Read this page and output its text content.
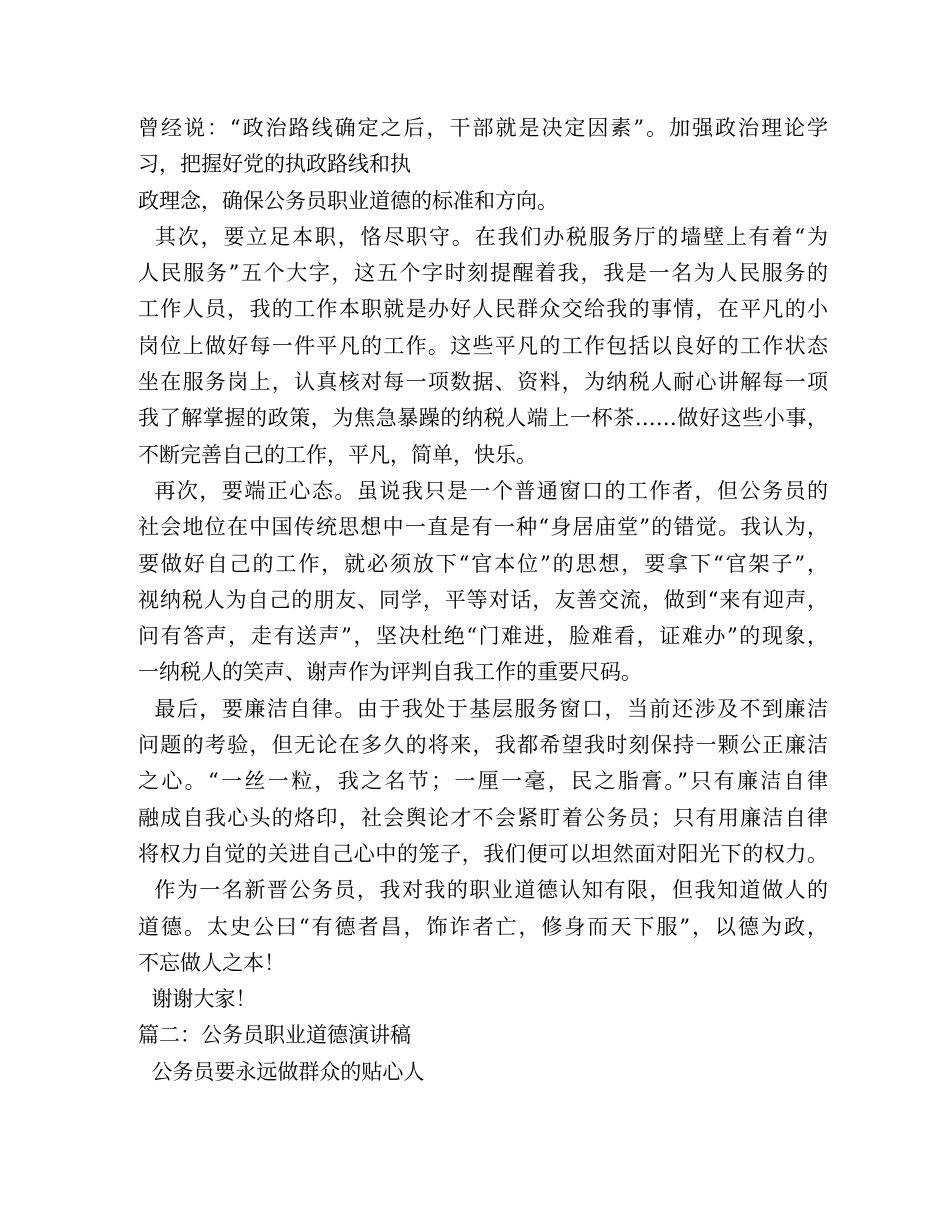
曾经说：“政治路线确定之后，干部就是决定因素”。加强政治理论学
习，把握好党的执政路线和执
政理念，确保公务员职业道德的标准和方向。
其次，要立足本职，恪尽职守。在我们办税服务厅的墙壁上有着“为
人民服务”五个大字，这五个字时刻提醒着我，我是一名为人民服务的
工作人员，我的工作本职就是办好人民群众交给我的事情，在平凡的小
岗位上做好每一件平凡的工作。这些平凡的工作包括以良好的工作状态
坐在服务岗上，认真核对每一项数据、资料，为纳税人耐心讲解每一项
我了解掌握的政策，为焦急暴躁的纳税人端上一杯茶……做好这些小事，
不断完善自己的工作，平凡，简单，快乐。
再次，要端正心态。虽说我只是一个普通窗口的工作者，但公务员的
社会地位在中国传统思想中一直是有一种“身居庙堂”的错觉。我认为，
要做好自己的工作，就必须放下“官本位”的思想，要拿下“官架子”，
视纳税人为自己的朋友、同学，平等对话，友善交流，做到“来有迎声，
问有答声，走有送声”，坚决杜绝“门难进，脸难看，证难办”的现象，
一纳税人的笑声、谢声作为评判自我工作的重要尺码。
最后，要廉洁自律。由于我处于基层服务窗口，当前还涉及不到廉洁
问题的考验，但无论在多久的将来，我都希望我时刻保持一颗公正廉洁
之心。“一丝一粒，我之名节；一厘一毫，民之脂膏。”只有廉洁自律
融成自我心头的烙印，社会舆论才不会紧盯着公务员；只有用廉洁自律
将权力自觉的关进自己心中的笼子，我们便可以坦然面对阳光下的权力。
作为一名新晋公务员，我对我的职业道德认知有限，但我知道做人的
道德。太史公曰“有德者昌，饰诈者亡，修身而天下服”，以德为政，
不忘做人之本！
谢谢大家！
篇二：公务员职业道德演讲稿
公务员要永远做群众的贴心人
